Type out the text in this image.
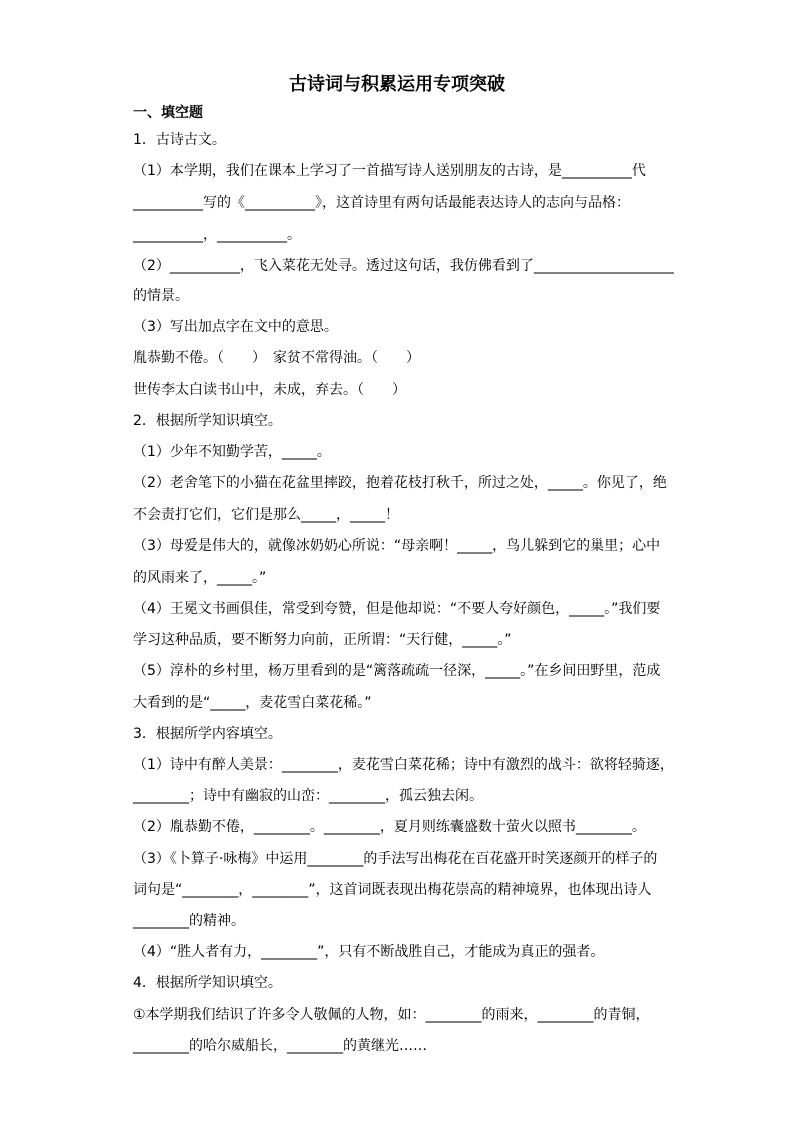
古诗词与积累运用专项突破
一、填空题
1．古诗古文。
（1）本学期，我们在课本上学习了一首描写诗人送别朋友的古诗，是__________代
__________写的《__________》，这首诗里有两句话最能表达诗人的志向与品格：
__________，__________。
（2）__________，飞入菜花无处寻。透过这句话，我仿佛看到了____________________
的情景。
（3）写出加点字在文中的意思。
胤恭勤不倦。（　　）　家贫不常得油。（　　）
世传李太白读书山中，未成，弃去。（　　）
2．根据所学知识填空。
（1）少年不知勤学苦，_____。
（2）老舍笔下的小猫在花盆里摔跤，抱着花枝打秋千，所过之处，_____。你见了，绝
不会责打它们，它们是那么_____，_____！
（3）母爱是伟大的，就像冰奶奶心所说：“母亲啊！_____，鸟儿躲到它的巢里；心中
的风雨来了，_____。”
（4）王冕文书画俱佳，常受到夸赞，但是他却说：“不要人夸好颜色，_____。”我们要
学习这种品质，要不断努力向前，正所谓：“天行健，_____。”
（5）淳朴的乡村里，杨万里看到的是“篱落疏疏一径深，_____。”在乡间田野里，范成
大看到的是“_____，麦花雪白菜花稀。”
3．根据所学内容填空。
（1）诗中有醉人美景：________，麦花雪白菜花稀；诗中有激烈的战斗：欲将轻骑逐，
________；诗中有幽寂的山峦：________，孤云独去闲。
（2）胤恭勤不倦，________。________，夏月则练囊盛数十萤火以照书________。
（3）《卜算子·咏梅》中运用________的手法写出梅花在百花盛开时笑逐颜开的样子的
词句是“________，________”，这首词既表现出梅花崇高的精神境界，也体现出诗人
________的精神。
（4）“胜人者有力，________”，只有不断战胜自己，才能成为真正的强者。
4．根据所学知识填空。
①本学期我们结识了许多令人敬佩的人物，如：________的雨来，________的青铜，
________的哈尔威船长，________的黄继光……
